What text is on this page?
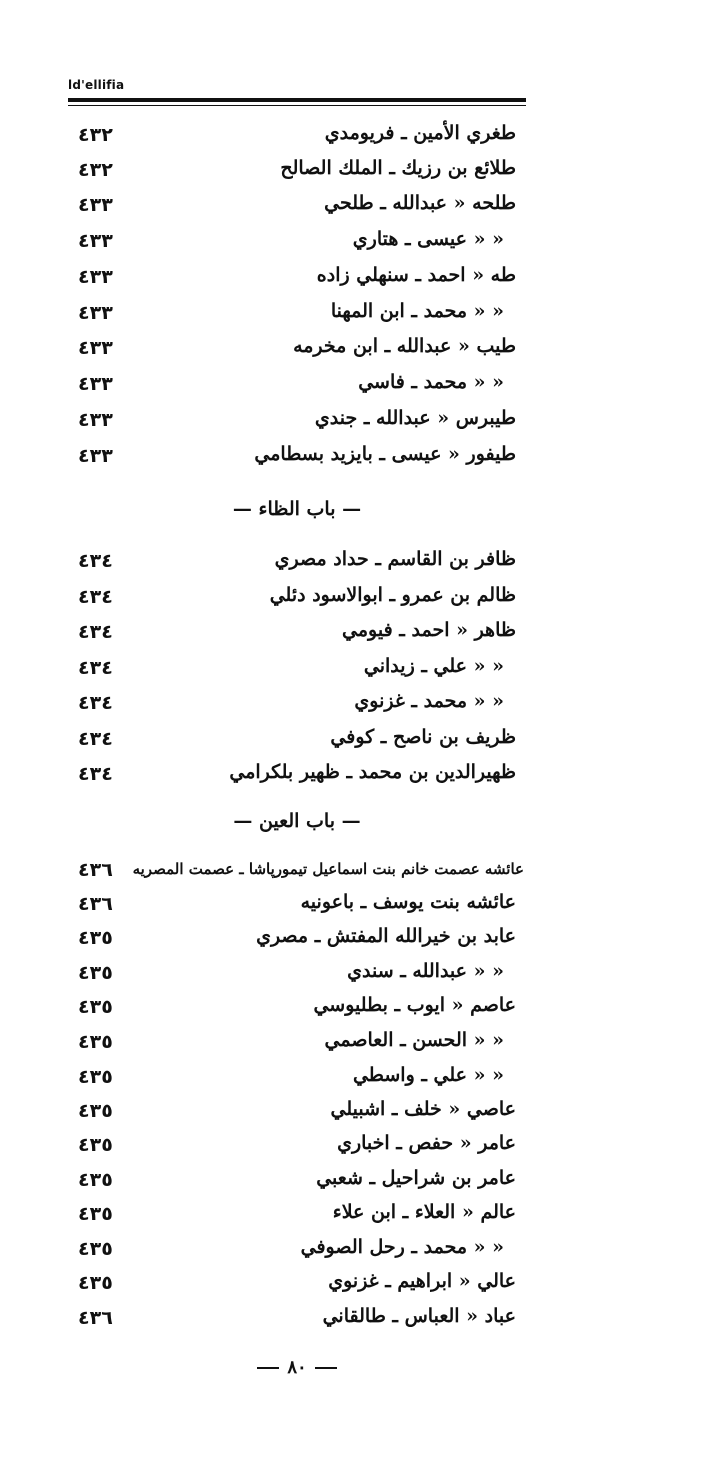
ld'ellifia
٤٣٢	طغري الأمين ـ فريومدي
٤٣٢	طلائع بن رزيك ـ الملك الصالح
٤٣٣	طلحه « عبدالله ـ طلحي
٤٣٣	« « عيسى ـ هتاري
٤٣٣	طه « احمد ـ سنهلي زاده
٤٣٣	« « محمد ـ ابن المهنا
٤٣٣	طيب « عبدالله ـ ابن مخرمه
٤٣٣	« « محمد ـ فاسي
٤٣٣	طيبرس « عبدالله ـ جندي
٤٣٣	طيفور « عيسى ـ بايزيد بسطامي
— باب الظاء —
٤٣٤	ظافر بن القاسم ـ حداد مصري
٤٣٤	ظالم بن عمرو ـ ابوالاسود دئلي
٤٣٤	ظاهر « احمد ـ فيومي
٤٣٤	« « علي ـ زيداني
٤٣٤	« « محمد ـ غزنوي
٤٣٤	ظريف بن ناصح ـ كوفي
٤٣٤	ظهيرالدين بن محمد ـ ظهير بلكرامي
— باب العين —
٤٣٦ عائشه عصمت خانم بنت اسماعيل تيمورپاشا ـ عصمت المصريه
٤٣٦	عائشه بنت يوسف ـ باعونيه
٤٣٥	عابد بن خيرالله المفتش ـ مصري
٤٣٥	« « عبدالله ـ سندي
٤٣٥	عاصم « ايوب ـ بطليوسي
٤٣٥	« « الحسن ـ العاصمي
٤٣٥	« « علي ـ واسطي
٤٣٥	عاصي « خلف ـ اشبيلي
٤٣٥	عامر « حفص ـ اخباري
٤٣٥	عامر بن شراحيل ـ شعبي
٤٣٥	عالم « العلاء ـ ابن علاء
٤٣٥	« « محمد ـ رحل الصوفي
٤٣٥	عالي « ابراهيم ـ غزنوي
٤٣٦	عباد « العباس ـ طالقاني
٨٠
